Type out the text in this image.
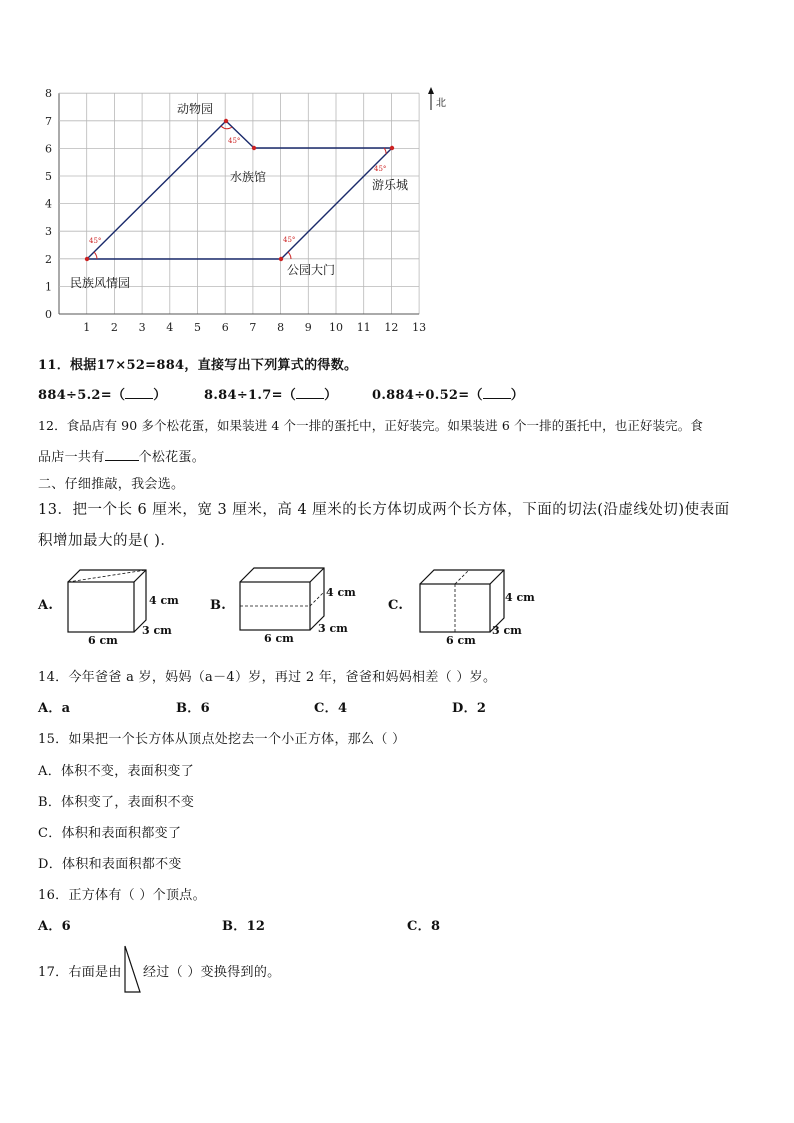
8
7
6
5
4
3
2
1
0
1 2 3 4 5 6 7 8 9 10 11 12 13
45°
45°
45°
45°
动物园
水族馆
游乐城
公园大门
民族风情园
北
11．根据17×52=884，直接写出下列算式的得数。
884÷5.2=（ ）	8.84÷1.7=（ ）	0.884÷0.52=（ ）
12．食品店有 90 多个松花蛋，如果装进 4 个一排的蛋托中，正好装完。如果装进 6 个一排的蛋托中，也正好装完。食
品店一共有	个松花蛋。
二、仔细推敲，我会选。
13．把一个长 6 厘米，宽 3 厘米，高 4 厘米的长方体切成两个长方体，下面的切法(沿虚线处切)使表面
积增加最大的是( )．
A.	4 cm
3 cm
6 cm
B.
4 cm
3 cm
6 cm
C.
4 cm
3 cm
6 cm
14．今年爸爸 a 岁，妈妈（a－4）岁，再过 2 年，爸爸和妈妈相差（ ）岁。
A．a	B．6	C．4	D．2
15．如果把一个长方体从顶点处挖去一个小正方体，那么（ ）
A．体积不变，表面积变了
B．体积变了，表面积不变
C．体积和表面积都变了
D．体积和表面积都不变
16．正方体有（ ）个顶点。
A．6	B．12	C．8
17．右面是由 经过（ ）变换得到的。
